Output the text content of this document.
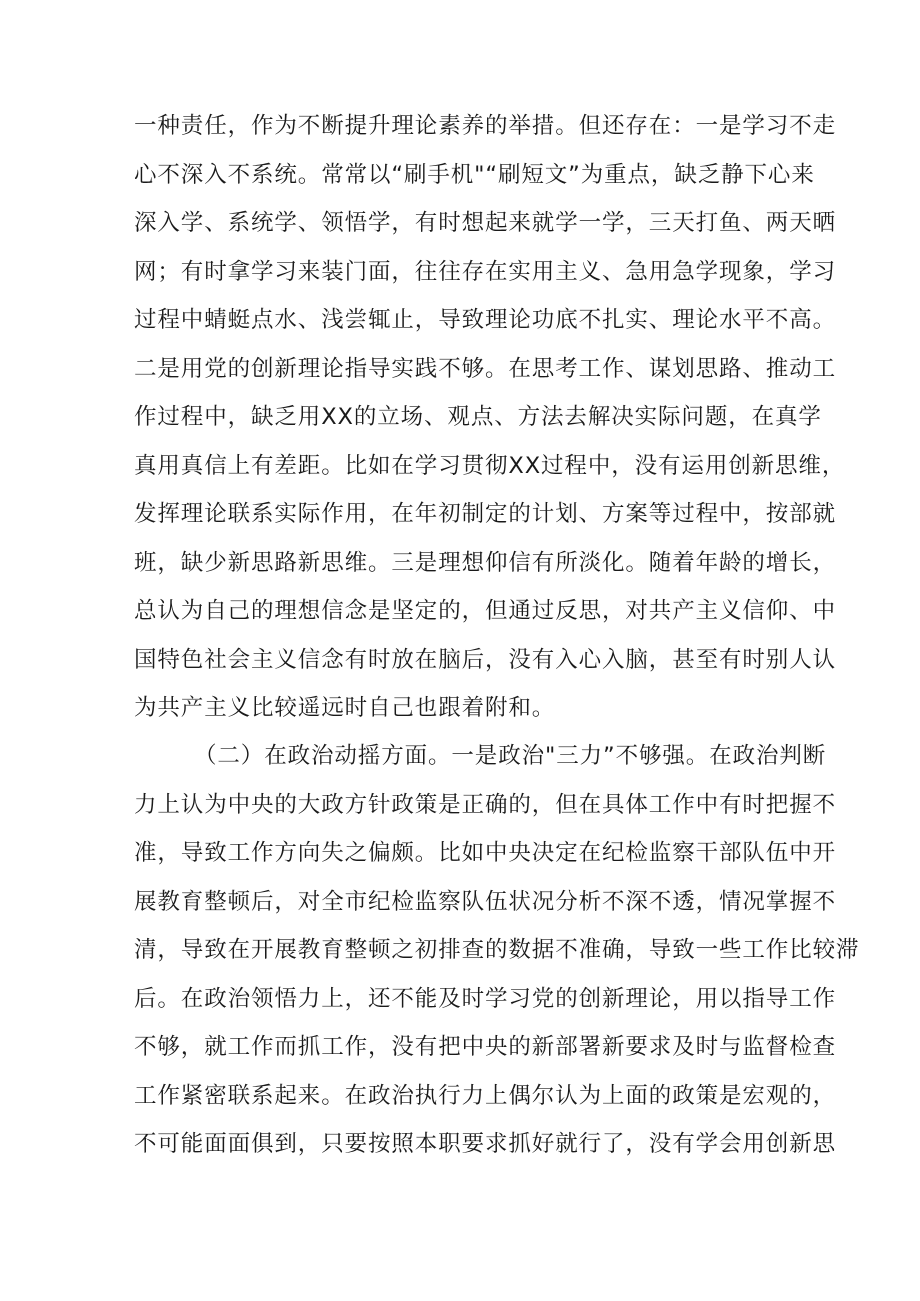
一种责任，作为不断提升理论素养的举措。但还存在：一是学习不走
心不深入不系统。常常以“刷手机"“刷短文”为重点，缺乏静下心来
深入学、系统学、领悟学，有时想起来就学一学，三天打鱼、两天晒
网；有时拿学习来装门面，往往存在实用主义、急用急学现象，学习
过程中蜻蜓点水、浅尝辄止，导致理论功底不扎实、理论水平不高。
二是用党的创新理论指导实践不够。在思考工作、谋划思路、推动工
作过程中，缺乏用XX的立场、观点、方法去解决实际问题，在真学
真用真信上有差距。比如在学习贯彻XX过程中，没有运用创新思维，
发挥理论联系实际作用，在年初制定的计划、方案等过程中，按部就
班，缺少新思路新思维。三是理想仰信有所淡化。随着年龄的增长，
总认为自己的理想信念是坚定的，但通过反思，对共产主义信仰、中
国特色社会主义信念有时放在脑后，没有入心入脑，甚至有时别人认
为共产主义比较遥远时自己也跟着附和。
（二）在政治动摇方面。一是政治"三力”不够强。在政治判断
力上认为中央的大政方针政策是正确的，但在具体工作中有时把握不
准，导致工作方向失之偏颇。比如中央决定在纪检监察干部队伍中开
展教育整顿后，对全市纪检监察队伍状况分析不深不透，情况掌握不
清，导致在开展教育整顿之初排查的数据不准确，导致一些工作比较滞
后。在政治领悟力上，还不能及时学习党的创新理论，用以指导工作
不够，就工作而抓工作，没有把中央的新部署新要求及时与监督检查
工作紧密联系起来。在政治执行力上偶尔认为上面的政策是宏观的，
不可能面面俱到，只要按照本职要求抓好就行了，没有学会用创新思
